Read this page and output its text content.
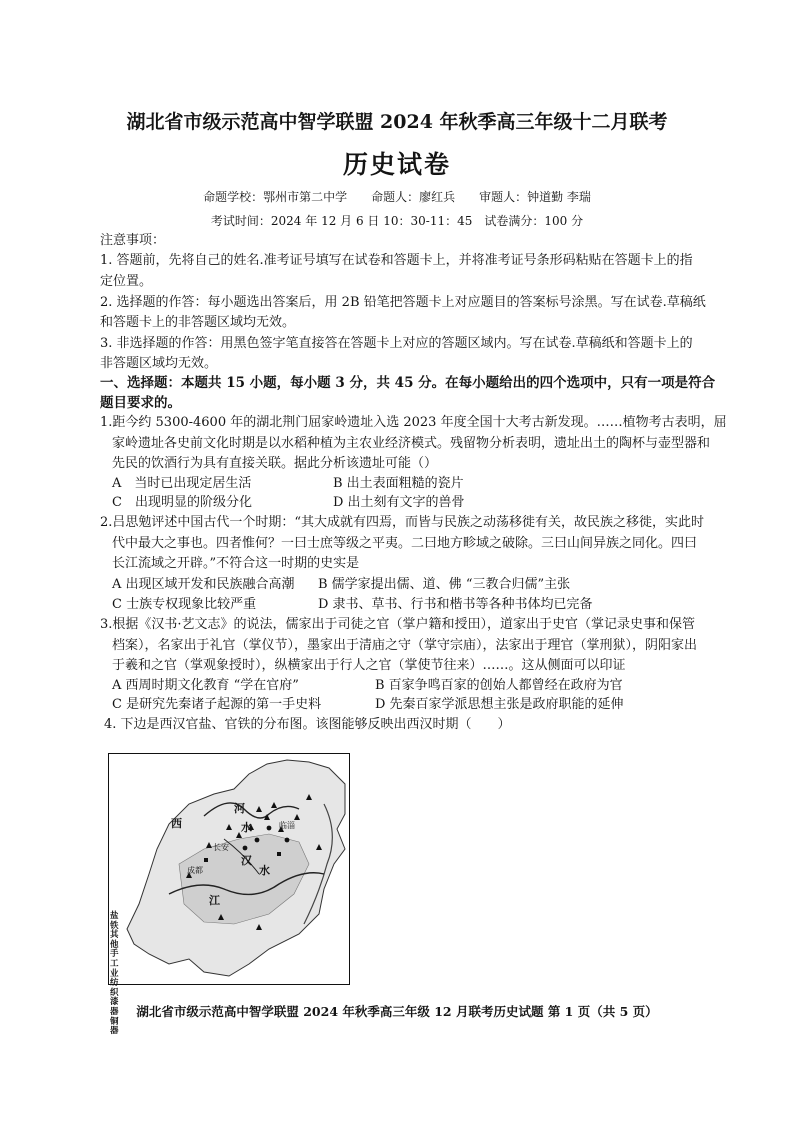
湖北省市级示范高中智学联盟 2024 年秋季高三年级十二月联考
历史试卷
命题学校：鄂州市第二中学　　命题人：廖红兵　　审题人：钟道勤 李瑞
考试时间：2024 年 12 月 6 日 10：30-11：45　试卷满分：100 分
注意事项：
1. 答题前，先将自己的姓名.准考证号填写在试卷和答题卡上，并将准考证号条形码粘贴在答题卡上的指
定位置。
2. 选择题的作答：每小题选出答案后，用 2B 铅笔把答题卡上对应题目的答案标号涂黑。写在试卷.草稿纸
和答题卡上的非答题区域均无效。
3. 非选择题的作答：用黑色签字笔直接答在答题卡上对应的答题区域内。写在试卷.草稿纸和答题卡上的
非答题区域均无效。
一、选择题：本题共 15 小题，每小题 3 分，共 45 分。在每小题给出的四个选项中，只有一项是符合
题目要求的。
1.距今约 5300-4600 年的湖北荆门屈家岭遗址入选 2023 年度全国十大考古新发现。……植物考古表明，屈
家岭遗址各史前文化时期是以水稻种植为主农业经济模式。残留物分析表明，遗址出土的陶杯与壶型器和
先民的饮酒行为具有直接关联。据此分析该遗址可能（）
A　当时已出现定居生活	B 出土表面粗糙的瓷片
C　出现明显的阶级分化	D 出土刻有文字的兽骨
2.吕思勉评述中国古代一个时期：“其大成就有四焉，而皆与民族之动荡移徙有关，故民族之移徙，实此时
代中最大之事也。四者惟何？一曰士庶等级之平夷。二曰地方畛域之破除。三曰山间异族之同化。四曰
长江流域之开辟。”不符合这一时期的史实是
A 出现区域开发和民族融合高潮 B 儒学家提出儒、道、佛 “三教合归儒”主张
C 士族专权现象比较严重	D 隶书、草书、行书和楷书等各种书体均已完备
3.根据《汉书·艺文志》的说法，儒家出于司徒之官（掌户籍和授田），道家出于史官（掌记录史事和保管
档案），名家出于礼官（掌仪节），墨家出于清庙之守（掌守宗庙），法家出于理官（掌刑狱），阴阳家出
于羲和之官（掌观象授时），纵横家出于行人之官（掌使节往来）……。这从侧面可以印证
A 西周时期文化教育 “学在官府”	B 百家争鸣百家的创始人都曾经在政府为官
C 是研究先秦诸子起源的第一手史料	D 先秦百家学派思想主张是政府职能的延伸
4. 下边是西汉官盐、官铁的分布图。该图能够反映出西汉时期（　　）
西
河
水
长安
临淄
汉
水
成都
江
盐铁其他手工业纺织漆器铜器
湖北省市级示范高中智学联盟 2024 年秋季高三年级 12 月联考历史试题 第 1 页（共 5 页）
